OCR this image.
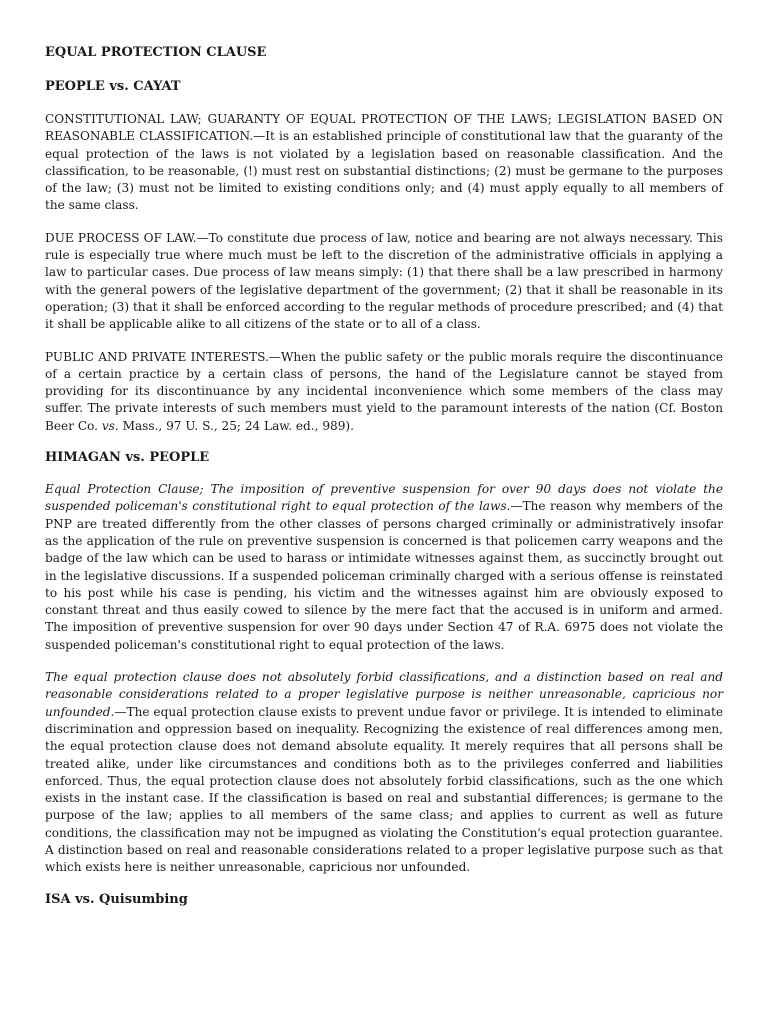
EQUAL PROTECTION CLAUSE
PEOPLE vs. CAYAT

CONSTITUTIONAL LAW; GUARANTY OF EQUAL PROTECTION OF THE LAWS; LEGISLATION BASED ON REASONABLE CLASSIFICATION.—It is an established principle of constitutional law that the guaranty of the equal protection of the laws is not violated by a legislation based on reasonable classification. And the classification, to be reasonable, (!) must rest on substantial distinctions; (2) must be germane to the purposes of the law; (3) must not be limited to existing conditions only; and (4) must apply equally to all members of the same class.

DUE PROCESS OF LAW.—To constitute due process of law, notice and bearing are not always necessary. This rule is especially true where much must be left to the discretion of the administrative officials in applying a law to particular cases. Due process of law means simply: (1) that there shall be a law prescribed in harmony with the general powers of the legislative department of the government; (2) that it shall be reasonable in its operation; (3) that it shall be enforced according to the regular methods of procedure prescribed; and (4) that it shall be applicable alike to all citizens of the state or to all of a class.

PUBLIC AND PRIVATE INTERESTS.—When the public safety or the public morals require the discontinuance of a certain practice by a certain class of persons, the hand of the Legislature cannot be stayed from providing for its discontinuance by any incidental inconvenience which some members of the class may suffer. The private interests of such members must yield to the paramount interests of the nation (Cf. Boston Beer Co. vs. Mass., 97 U. S., 25; 24 Law. ed., 989).

HIMAGAN vs. PEOPLE

Equal Protection Clause; The imposition of preventive suspension for over 90 days does not violate the suspended policeman's constitutional right to equal protection of the laws.—The reason why members of the PNP are treated differently from the other classes of persons charged criminally or administratively insofar as the application of the rule on preventive suspension is concerned is that policemen carry weapons and the badge of the law which can be used to harass or intimidate witnesses against them, as succinctly brought out in the legislative discussions. If a suspended policeman criminally charged with a serious offense is reinstated to his post while his case is pending, his victim and the witnesses against him are obviously exposed to constant threat and thus easily cowed to silence by the mere fact that the accused is in uniform and armed. The imposition of preventive suspension for over 90 days under Section 47 of R.A. 6975 does not violate the suspended policeman's constitutional right to equal protection of the laws.

The equal protection clause does not absolutely forbid classifications, and a distinction based on real and reasonable considerations related to a proper legislative purpose is neither unreasonable, capricious nor unfounded.—The equal protection clause exists to prevent undue favor or privilege. It is intended to eliminate discrimination and oppression based on inequality. Recognizing the existence of real differences among men, the equal protection clause does not demand absolute equality. It merely requires that all persons shall be treated alike, under like circumstances and conditions both as to the privileges conferred and liabilities enforced. Thus, the equal protection clause does not absolutely forbid classifications, such as the one which exists in the instant case. If the classification is based on real and substantial differences; is germane to the purpose of the law; applies to all members of the same class; and applies to current as well as future conditions, the classification may not be impugned as violating the Constitution's equal protection guarantee. A distinction based on real and reasonable considerations related to a proper legislative purpose such as that which exists here is neither unreasonable, capricious nor unfounded.

ISA vs. Quisumbing
